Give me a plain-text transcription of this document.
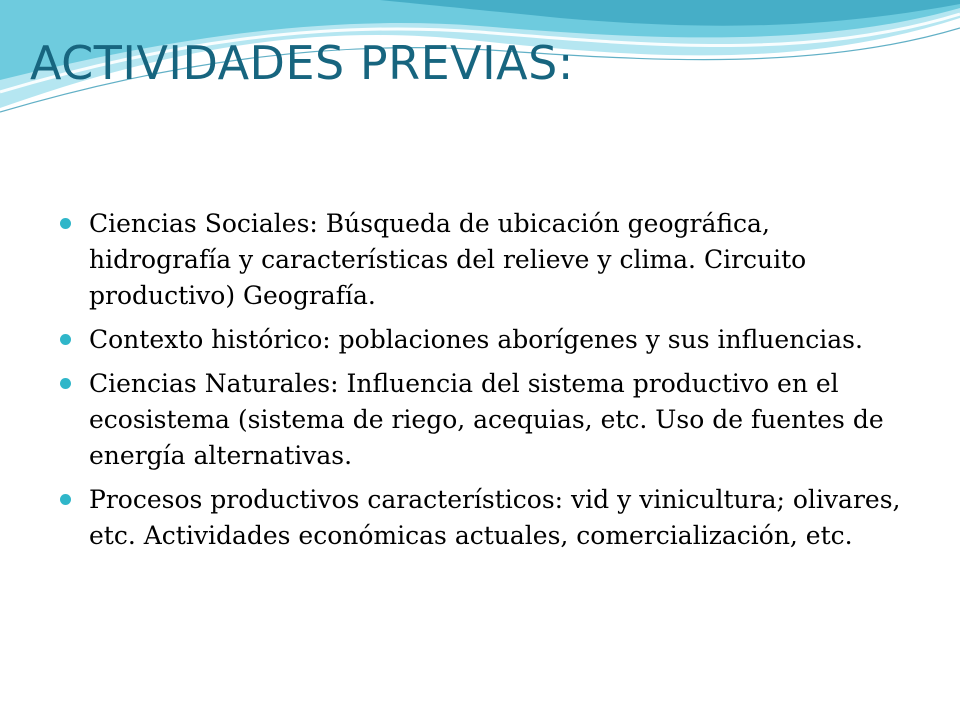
ACTIVIDADES PREVIAS:
Ciencias Sociales: Búsqueda de ubicación geográfica, hidrografía y características del relieve y clima. Circuito productivo) Geografía.
Contexto histórico: poblaciones aborígenes y sus influencias.
Ciencias Naturales: Influencia del sistema productivo en el ecosistema (sistema de riego, acequias, etc. Uso de fuentes de energía alternativas.
Procesos productivos característicos: vid y vinicultura; olivares, etc. Actividades económicas actuales, comercialización, etc.
